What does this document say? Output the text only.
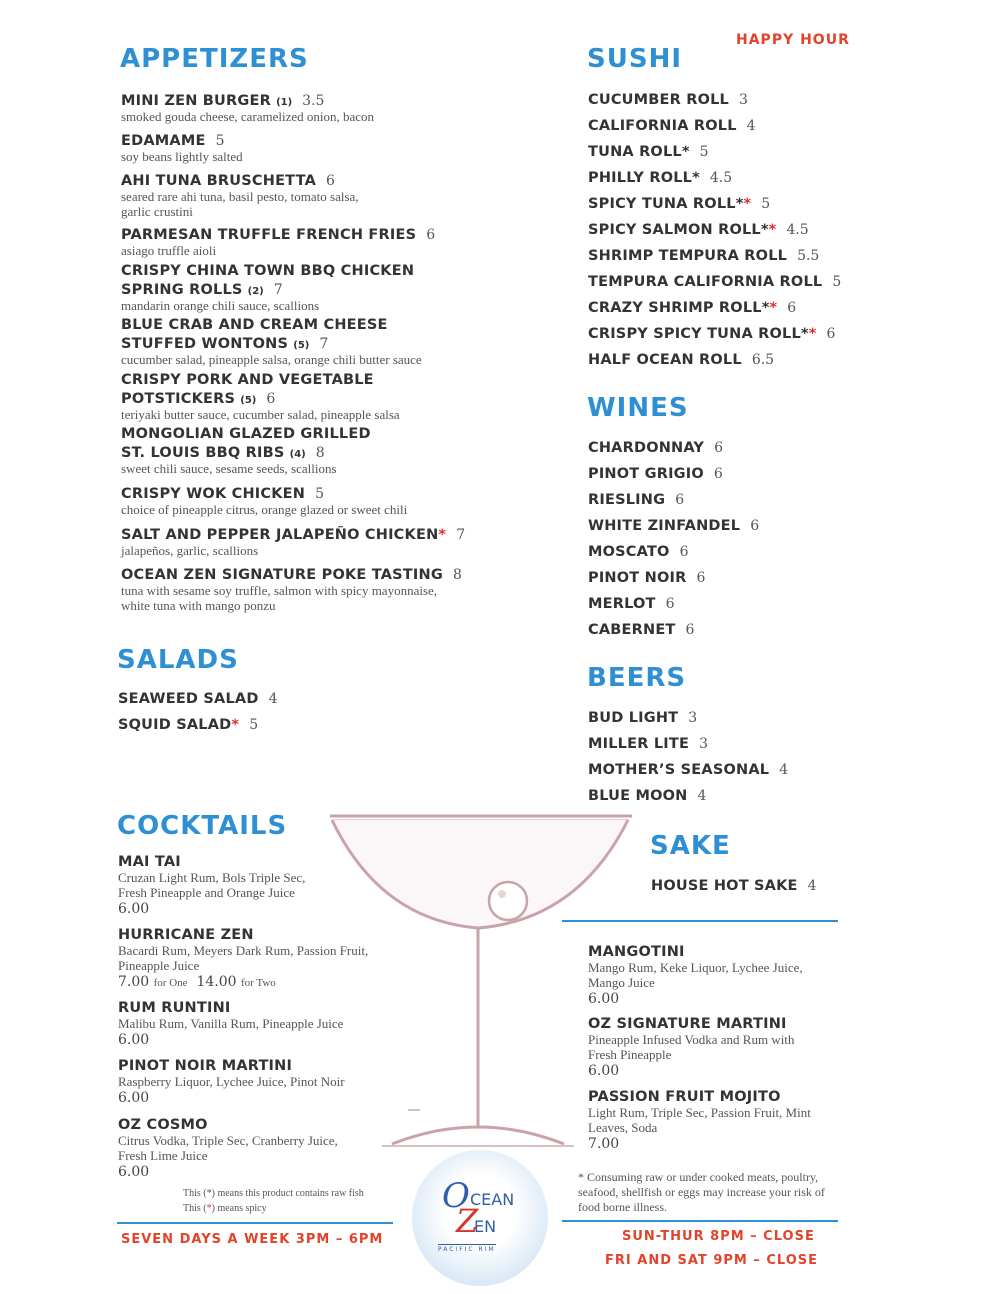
HAPPY HOUR
APPETIZERS
MINI ZEN BURGER (1) 3.5
smoked gouda cheese, caramelized onion, bacon
EDAMAME 5
soy beans lightly salted
AHI TUNA BRUSCHETTA 6
seared rare ahi tuna, basil pesto, tomato salsa,
garlic crustini
PARMESAN TRUFFLE FRENCH FRIES 6
asiago truffle aioli
CRISPY CHINA TOWN BBQ CHICKEN
SPRING ROLLS (2) 7
mandarin orange chili sauce, scallions
BLUE CRAB AND CREAM CHEESE
STUFFED WONTONS (5) 7
cucumber salad, pineapple salsa, orange chili butter sauce
CRISPY PORK AND VEGETABLE
POTSTICKERS (5) 6
teriyaki butter sauce, cucumber salad, pineapple salsa
MONGOLIAN GLAZED GRILLED
ST. LOUIS BBQ RIBS (4) 8
sweet chili sauce, sesame seeds, scallions
CRISPY WOK CHICKEN 5
choice of pineapple citrus, orange glazed or sweet chili
SALT AND PEPPER JALAPEÑO CHICKEN* 7
jalapeños, garlic, scallions
OCEAN ZEN SIGNATURE POKE TASTING 8
tuna with sesame soy truffle, salmon with spicy mayonnaise,
white tuna with mango ponzu
SALADS
SEAWEED SALAD 4
SQUID SALAD* 5
SUSHI
CUCUMBER ROLL 3
CALIFORNIA ROLL 4
TUNA ROLL* 5
PHILLY ROLL* 4.5
SPICY TUNA ROLL** 5
SPICY SALMON ROLL** 4.5
SHRIMP TEMPURA ROLL 5.5
TEMPURA CALIFORNIA ROLL 5
CRAZY SHRIMP ROLL** 6
CRISPY SPICY TUNA ROLL** 6
HALF OCEAN ROLL 6.5
WINES
CHARDONNAY 6
PINOT GRIGIO 6
RIESLING 6
WHITE ZINFANDEL 6
MOSCATO 6
PINOT NOIR 6
MERLOT 6
CABERNET 6
BEERS
BUD LIGHT 3
MILLER LITE 3
MOTHER’S SEASONAL 4
BLUE MOON 4
SAKE
HOUSE HOT SAKE 4
COCKTAILS
MAI TAI
Cruzan Light Rum, Bols Triple Sec,
Fresh Pineapple and Orange Juice
6.00
HURRICANE ZEN
Bacardi Rum, Meyers Dark Rum, Passion Fruit,
Pineapple Juice
7.00 for One 14.00 for Two
RUM RUNTINI
Malibu Rum, Vanilla Rum, Pineapple Juice
6.00
PINOT NOIR MARTINI
Raspberry Liquor, Lychee Juice, Pinot Noir
6.00
OZ COSMO
Citrus Vodka, Triple Sec, Cranberry Juice,
Fresh Lime Juice
6.00
MANGOTINI
Mango Rum, Keke Liquor, Lychee Juice,
Mango Juice
6.00
OZ SIGNATURE MARTINI
Pineapple Infused Vodka and Rum with
Fresh Pineapple
6.00
PASSION FRUIT MOJITO
Light Rum, Triple Sec, Passion Fruit, Mint
Leaves, Soda
7.00
This (*) means this product contains raw fish
This (*) means spicy
* Consuming raw or under cooked meats, poultry, seafood, shellfish or eggs may increase your risk of food borne illness.
O CEAN
Z
EN
PACIFIC RIM
SEVEN DAYS A WEEK 3PM – 6PM	SUN-THUR 8PM – CLOSE
FRI AND SAT 9PM – CLOSE
